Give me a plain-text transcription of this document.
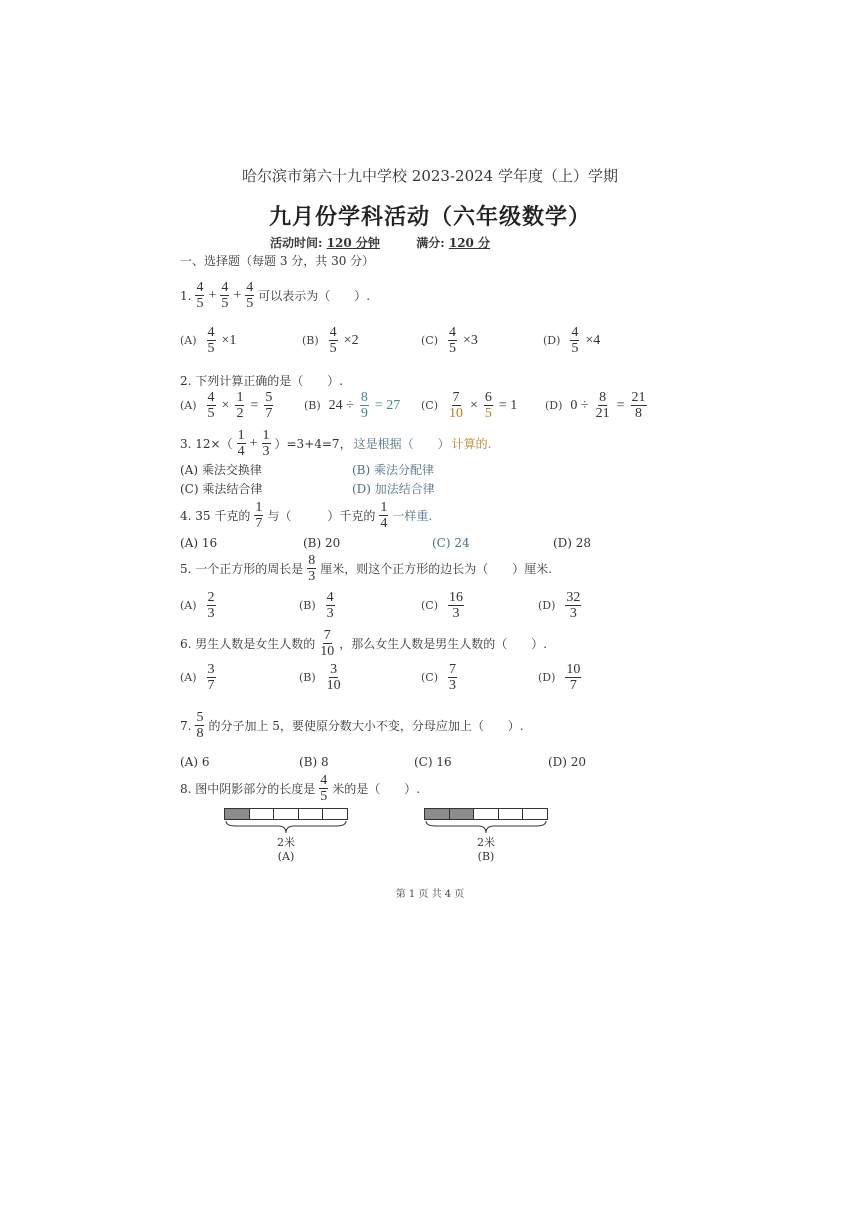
哈尔滨市第六十九中学校 2023-2024 学年度（上）学期
九月份学科活动（六年级数学）
活动时间: 120 分钟	满分: 120 分
一、选择题（每题 3 分，共 30 分）
1. $\frac{4}{5} + \frac{4}{5} + \frac{4}{5}$ 可以表示为（　　）.
$(A) \frac{4}{5} \times 1$	$(B) \frac{4}{5} \times 2$	$(C) \frac{4}{5} \times 3$	$(D) \frac{4}{5} \times 4$
2. 下列计算正确的是（　　）.
$(A) \frac{4}{5} \times \frac{1}{2} = \frac{5}{7}$	(B) $24 \div \frac{8}{9} = 27$ $(C) \frac{7}{10} \times \frac{6}{5} = 1$	(D) $0 \div \frac{8}{21} = \frac{21}{8}$
3. $12\times( \frac{1}{4} + \frac{1}{3} )=3+4=7$， 这是根据（　　） 计算的.
(A) 乘法交换律	(B) 乘法分配律
(C) 乘法结合律	(D) 加法结合律
4. 35 千克的 $\frac{1}{7}$ 与（　　　）千克的 $\frac{1}{4}$ 一样重.
(A) 16	(B) 20	(C) 24	(D) 28
5. 一个正方形的周长是 $\frac{8}{3}$ 厘米，则这个正方形的边长为（　　）厘米.
$(A) \frac{2}{3}$	$(B) \frac{4}{3}$	$(C) \frac{16}{3}$	$(D) \frac{32}{3}$
6. 男生人数是女生人数的 $\frac{7}{10}$ ，那么女生人数是男生人数的（　　）.
$(A) \frac{3}{7}$	$(B) \frac{3}{10}$	$(C) \frac{7}{3}$	$(D) \frac{10}{7}$
7. $\frac{5}{8}$ 的分子加上 5，要使原分数大小不变，分母应加上（　　）.
(A) 6	(B) 8	(C) 16	(D) 20
8. 图中阴影部分的长度是 $\frac{4}{5}$ 米的是（　　）.
2米
(A)
2米
(B)
第 1 页 共 4 页
